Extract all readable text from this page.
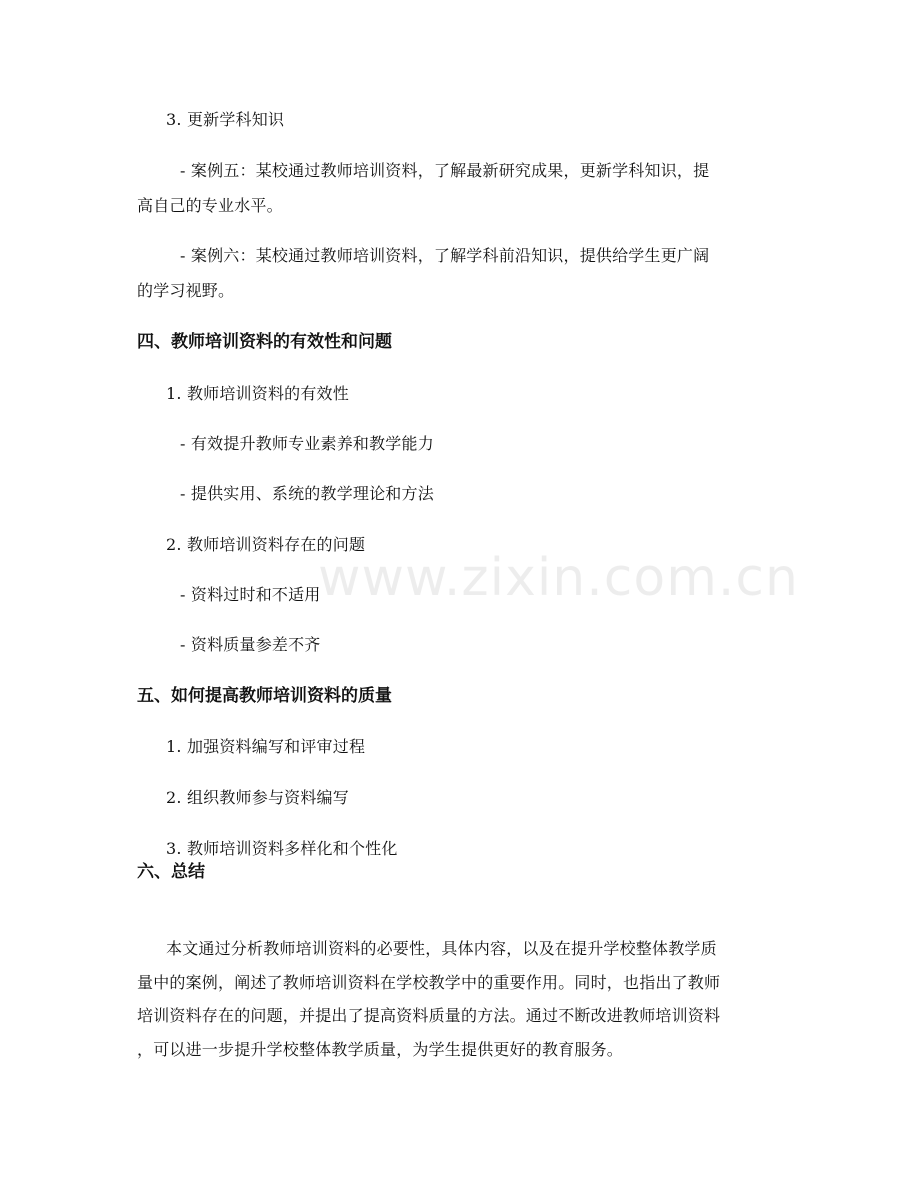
www.zixin.com.cn
3. 更新学科知识
- 案例五：某校通过教师培训资料，了解最新研究成果，更新学科知识，提
高自己的专业水平。
- 案例六：某校通过教师培训资料，了解学科前沿知识，提供给学生更广阔
的学习视野。
四、教师培训资料的有效性和问题
1. 教师培训资料的有效性
- 有效提升教师专业素养和教学能力
- 提供实用、系统的教学理论和方法
2. 教师培训资料存在的问题
- 资料过时和不适用
- 资料质量参差不齐
五、如何提高教师培训资料的质量
1. 加强资料编写和评审过程
2. 组织教师参与资料编写
3. 教师培训资料多样化和个性化
六、总结
本文通过分析教师培训资料的必要性，具体内容，以及在提升学校整体教学质
量中的案例，阐述了教师培训资料在学校教学中的重要作用。同时，也指出了教师
培训资料存在的问题，并提出了提高资料质量的方法。通过不断改进教师培训资料
，可以进一步提升学校整体教学质量，为学生提供更好的教育服务。
